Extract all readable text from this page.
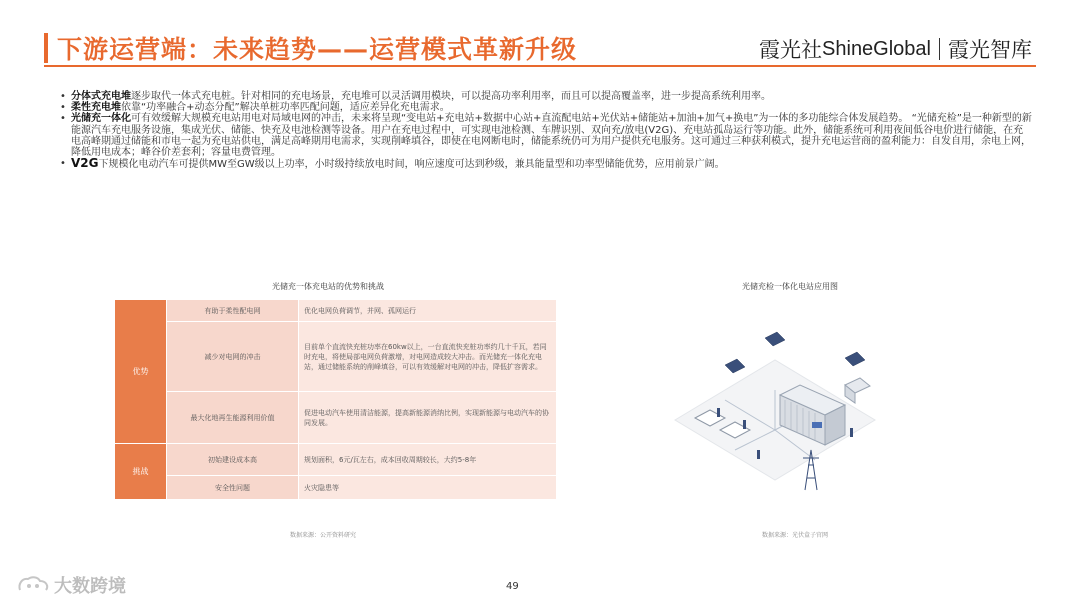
下游运营端：未来趋势——运营模式革新升级	霞光社 ShineGlobal 霞光智库
• 分体式充电堆逐步取代一体式充电桩。针对相同的充电场景，充电堆可以灵活调用模块，可以提高功率利用率，而且可以提高覆盖率，进一步提高系统利用率。
• 柔性充电堆依靠“功率融合+动态分配”解决单桩功率匹配问题，适应差异化充电需求。
• 光储充一体化可有效缓解大规模充电站用电对局域电网的冲击，未来将呈现“变电站+充电站+数据中心站+直流配电站+光伏站+储能站+加油+加气+换电”为一体的多功能综合体发展趋势。 “光储充检”是一种新型的新能源汽车充电服务设施，集成光伏、储能、快充及电池检测等设备。用户在充电过程中，可实现电池检测、车牌识别、双向充/放电(V2G)、充电站孤岛运行等功能。此外，储能系统可利用夜间低谷电价进行储能，在充电高峰期通过储能和市电一起为充电站供电，满足高峰期用电需求，实现削峰填谷，即使在电网断电时，储能系统仍可为用户提供充电服务。这可通过三种获利模式，提升充电运营商的盈利能力：自发自用，余电上网，降低用电成本；峰谷价差套利；容量电费管理。
• V2G下规模化电动汽车可提供MW至GW级以上功率，小时级持续放电时间，响应速度可达到秒级，兼具能量型和功率型储能优势，应用前景广阔。
光储充一体充电站的优势和挑战
优势	有助于柔性配电网	优化电网负荷调节，并网、孤网运行
	减少对电网的冲击	目前单个直流快充桩功率在60kw以上，一台直流快充桩功率约几十千瓦，若同时充电，将使局部电网负荷激增，对电网造成较大冲击。而光储充一体化充电站，通过储能系统的削峰填谷，可以有效缓解对电网的冲击，降低扩容需求。
	最大化地再生能源利用价值	促进电动汽车使用清洁能源，提高新能源消纳比例，实现新能源与电动汽车的协同发展。
挑战	初始建设成本高	规划面积，6元/瓦左右，成本回收周期较长，大约5-8年
	安全性问题	火灾隐患等
数据来源：公开资料研究
光储充检一体化电站应用图
数据来源：光伏盒子官网
49
大数跨境
